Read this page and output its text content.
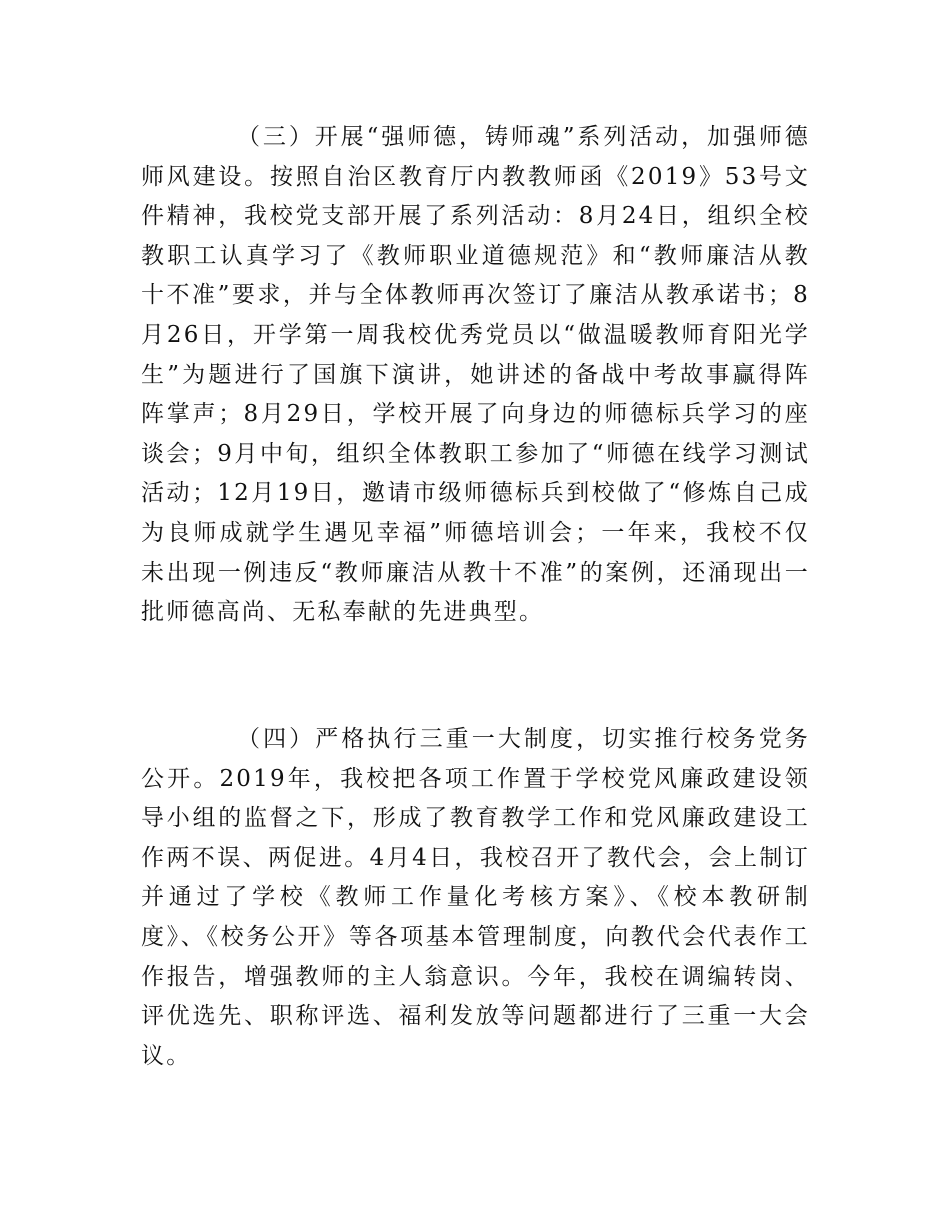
（三）开展“强师德，铸师魂”系列活动，加强师德师风建设。按照自治区教育厅内教教师函《2019》53号文件精神，我校党支部开展了系列活动：8月24日，组织全校教职工认真学习了《教师职业道德规范》和“教师廉洁从教十不准”要求，并与全体教师再次签订了廉洁从教承诺书；8月26日，开学第一周我校优秀党员以“做温暖教师育阳光学生”为题进行了国旗下演讲，她讲述的备战中考故事赢得阵阵掌声；8月29日，学校开展了向身边的师德标兵学习的座谈会；9月中旬，组织全体教职工参加了“师德在线学习测试活动；12月19日，邀请市级师德标兵到校做了“修炼自己成为良师成就学生遇见幸福”师德培训会；一年来，我校不仅未出现一例违反“教师廉洁从教十不准”的案例，还涌现出一批师德高尚、无私奉献的先进典型。

（四）严格执行三重一大制度，切实推行校务党务公开。2019年，我校把各项工作置于学校党风廉政建设领导小组的监督之下，形成了教育教学工作和党风廉政建设工作两不误、两促进。4月4日，我校召开了教代会，会上制订并通过了学校《教师工作量化考核方案》、《校本教研制度》、《校务公开》等各项基本管理制度，向教代会代表作工作报告，增强教师的主人翁意识。今年，我校在调编转岗、评优选先、职称评选、福利发放等问题都进行了三重一大会议。
